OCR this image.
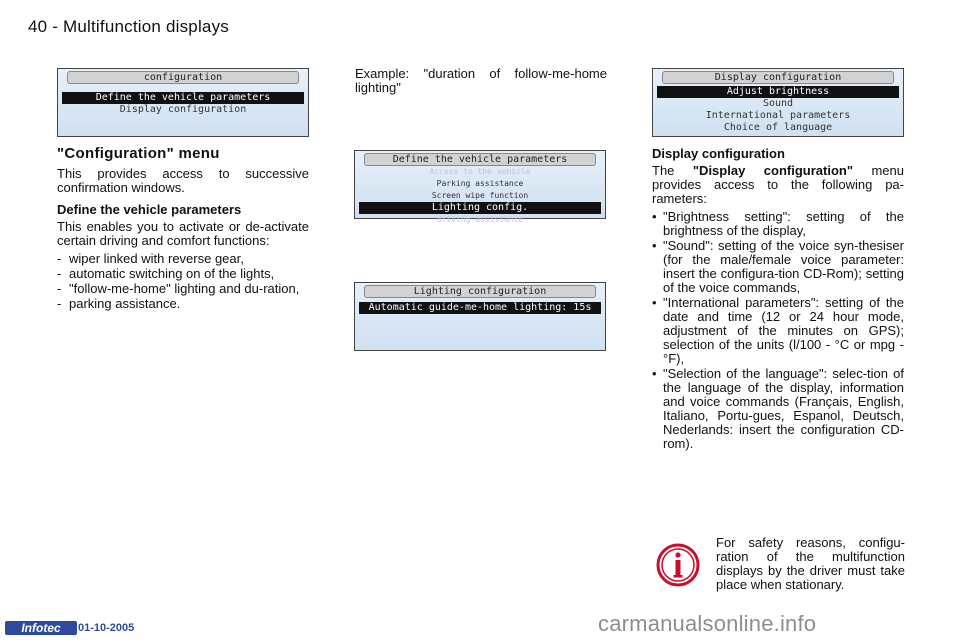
40 - Multifunction displays
configuration
Define the vehicle parameters
Display configuration
Example: "duration of follow-me-home lighting"
Define the vehicle parameters
Access to the vehicle
Parking assistance
Screen wipe function
Lighting config.
driving assistance
Lighting configuration
Automatic guide-me-home lighting: 15s
Display configuration
Adjust brightness
Sound
International parameters
Choice of language
"Configuration" menu
This provides access to successive confirmation windows.
Define the vehicle parameters
This enables you to activate or de-activate certain driving and comfort functions:
- wiper linked with reverse gear,
- automatic switching on of the lights,
- "follow-me-home" lighting and du-ration,
- parking assistance.
Display configuration
The "Display configuration" menu provides access to the following pa-rameters:
• "Brightness setting": setting of the brightness of the display,
• "Sound": setting of the voice syn-thesiser (for the male/female voice parameter: insert the configura-tion CD-Rom); setting of the voice commands,
• "International parameters": setting of the date and time (12 or 24 hour mode, adjustment of the minutes on GPS); selection of the units (l/100 - °C or mpg - °F),
• "Selection of the language": selec-tion of the language of the display, information and voice commands (Français, English, Italiano, Portu-gues, Espanol, Deutsch, Nederlands: insert the configuration CD-rom).
For safety reasons, configu-ration of the multifunction displays by the driver must take place when stationary.
Infotec	01-10-2005	carmanualsonline.info
